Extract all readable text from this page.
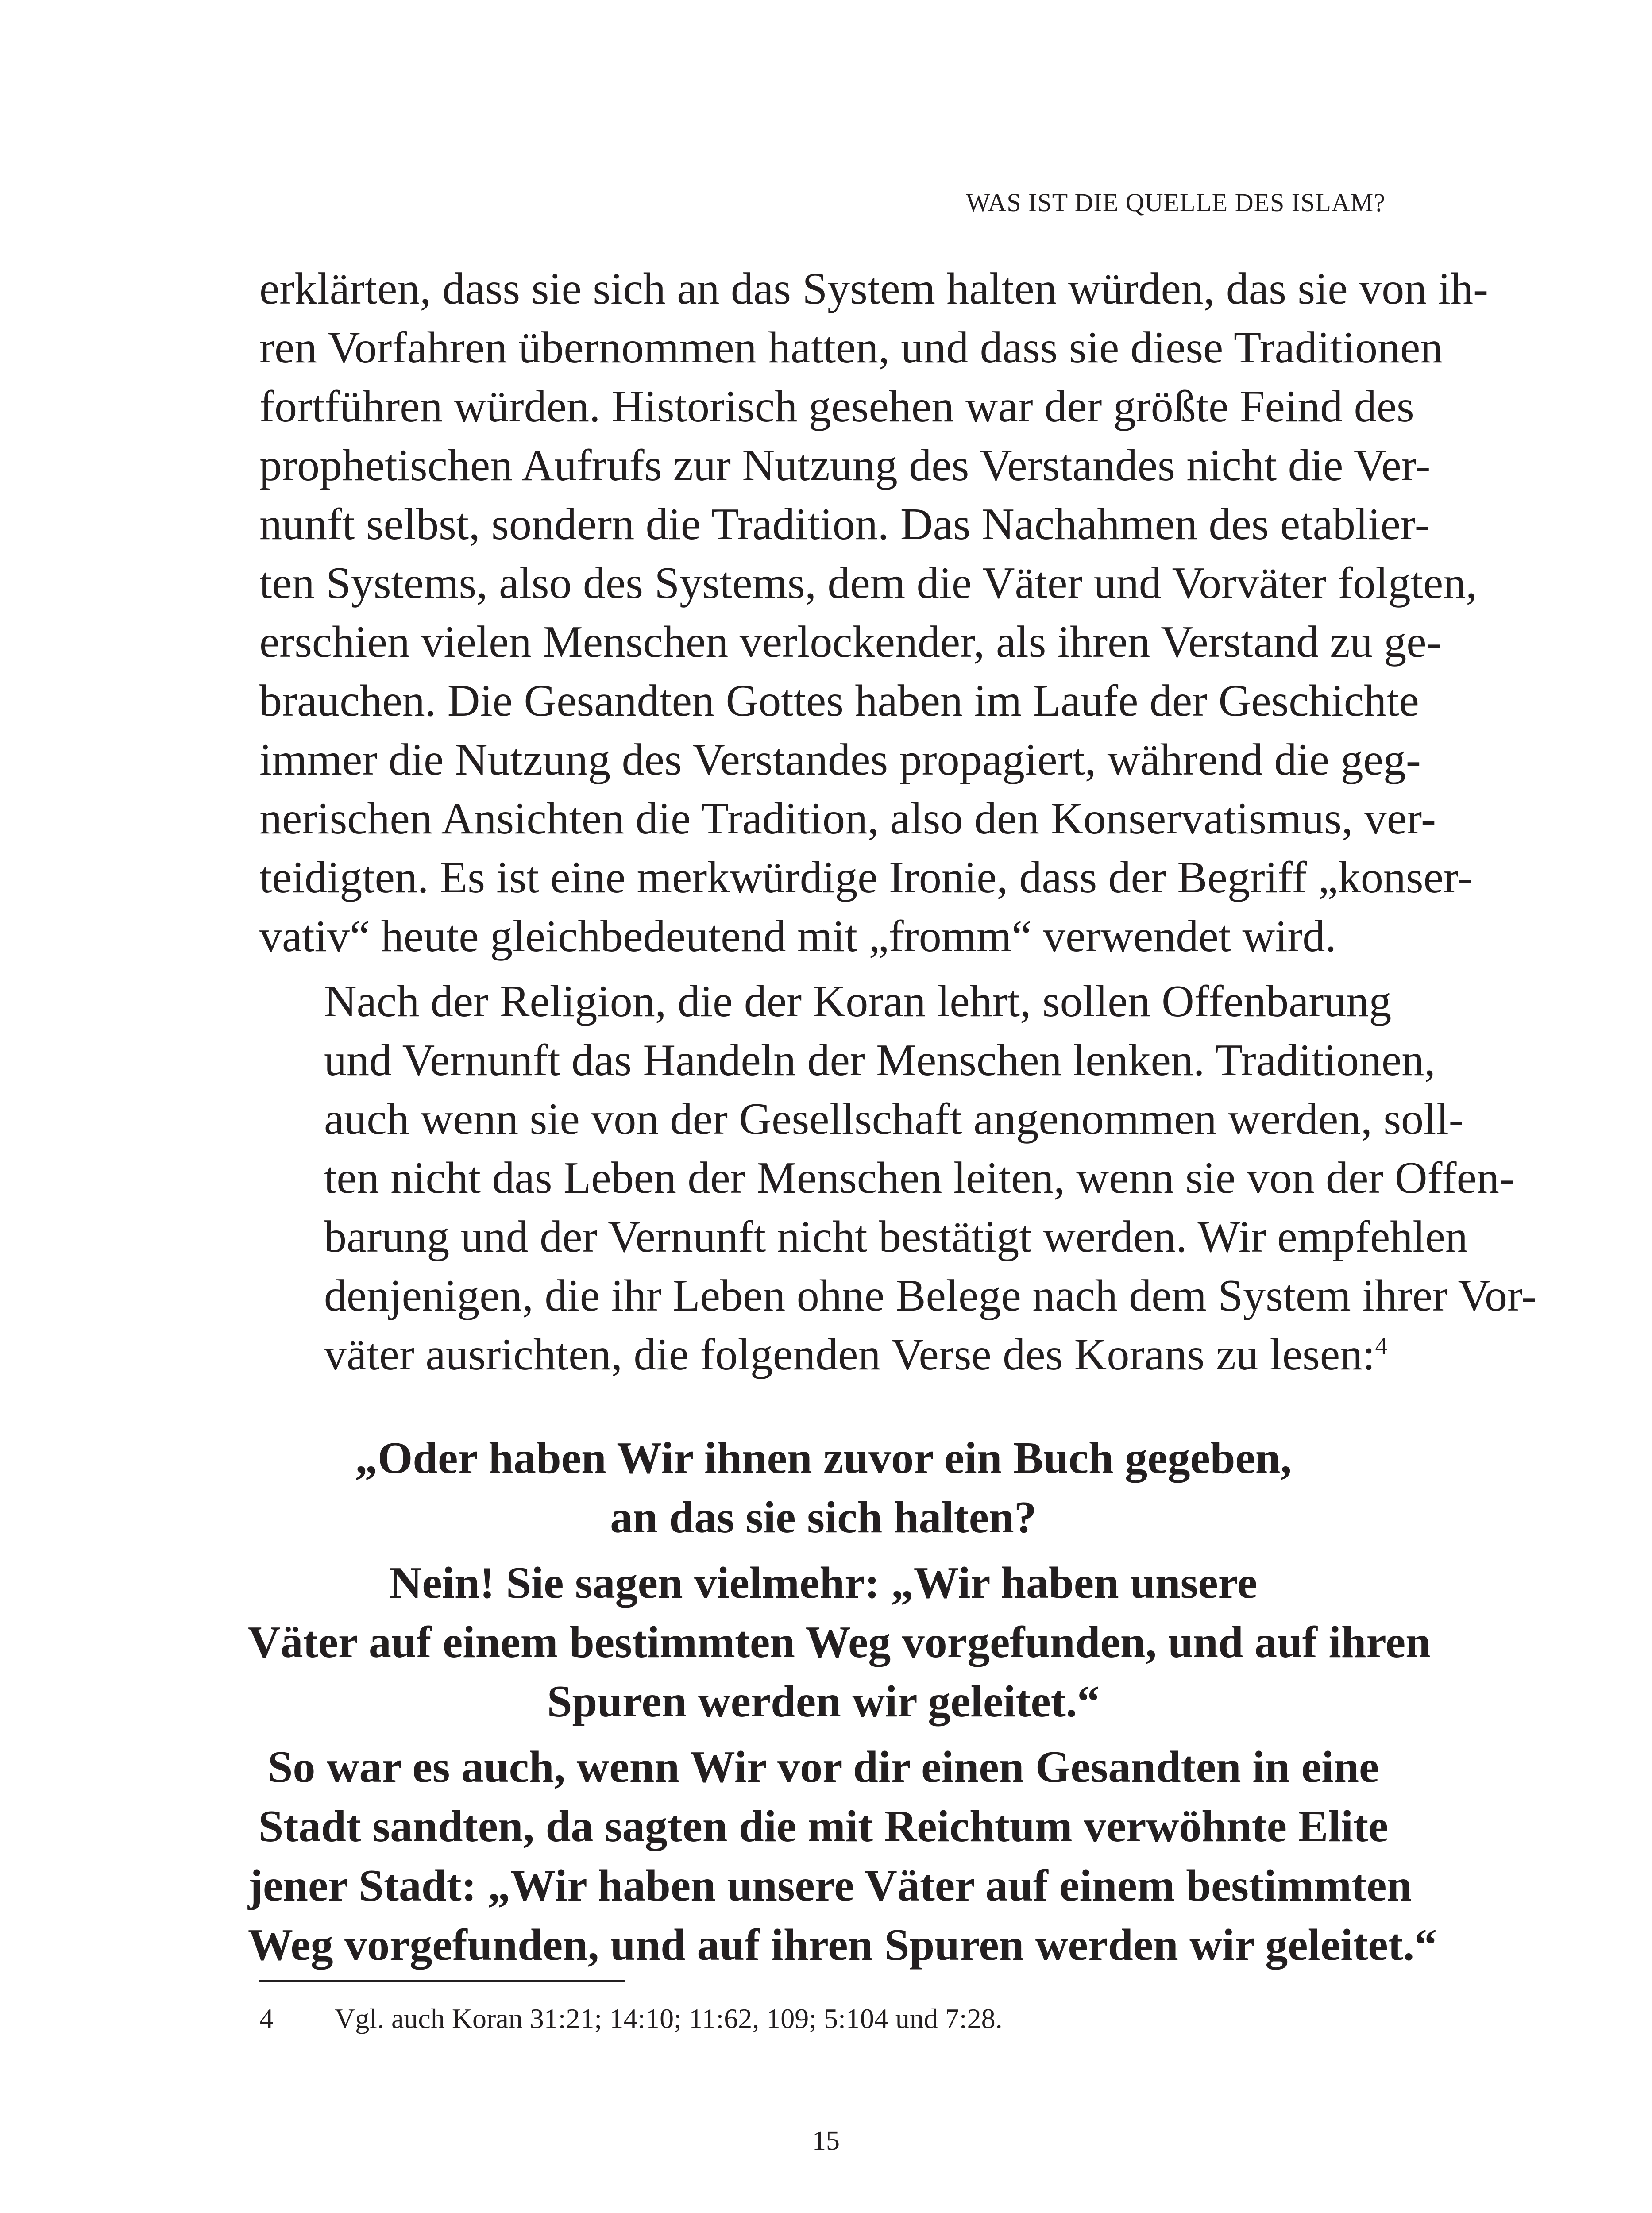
WAS IST DIE QUELLE DES ISLAM?

erklärten, dass sie sich an das System halten würden, das sie von ih-
ren Vorfahren übernommen hatten, und dass sie diese Traditionen
fortführen würden. Historisch gesehen war der größte Feind des
prophetischen Aufrufs zur Nutzung des Verstandes nicht die Ver-
nunft selbst, sondern die Tradition. Das Nachahmen des etablier-
ten Systems, also des Systems, dem die Väter und Vorväter folgten,
erschien vielen Menschen verlockender, als ihren Verstand zu ge-
brauchen. Die Gesandten Gottes haben im Laufe der Geschichte
immer die Nutzung des Verstandes propagiert, während die geg-
nerischen Ansichten die Tradition, also den Konservatismus, ver-
teidigten. Es ist eine merkwürdige Ironie, dass der Begriff „konser-
vativ“ heute gleichbedeutend mit „fromm“ verwendet wird.

Nach der Religion, die der Koran lehrt, sollen Offenbarung
und Vernunft das Handeln der Menschen lenken. Traditionen,
auch wenn sie von der Gesellschaft angenommen werden, soll-
ten nicht das Leben der Menschen leiten, wenn sie von der Offen-
barung und der Vernunft nicht bestätigt werden. Wir empfehlen
denjenigen, die ihr Leben ohne Belege nach dem System ihrer Vor-
väter ausrichten, die folgenden Verse des Korans zu lesen:$^4$

„Oder haben Wir ihnen zuvor ein Buch gegeben,
an das sie sich halten?
Nein! Sie sagen vielmehr: „Wir haben unsere
Väter auf einem bestimmten Weg vorgefunden, und auf ihren
Spuren werden wir geleitet.“
So war es auch, wenn Wir vor dir einen Gesandten in eine
Stadt sandten, da sagten die mit Reichtum verwöhnte Elite
jener Stadt: „Wir haben unsere Väter auf einem bestimmten
Weg vorgefunden, und auf ihren Spuren werden wir geleitet.“
4 Vgl. auch Koran 31:21; 14:10; 11:62, 109; 5:104 und 7:28.
15
